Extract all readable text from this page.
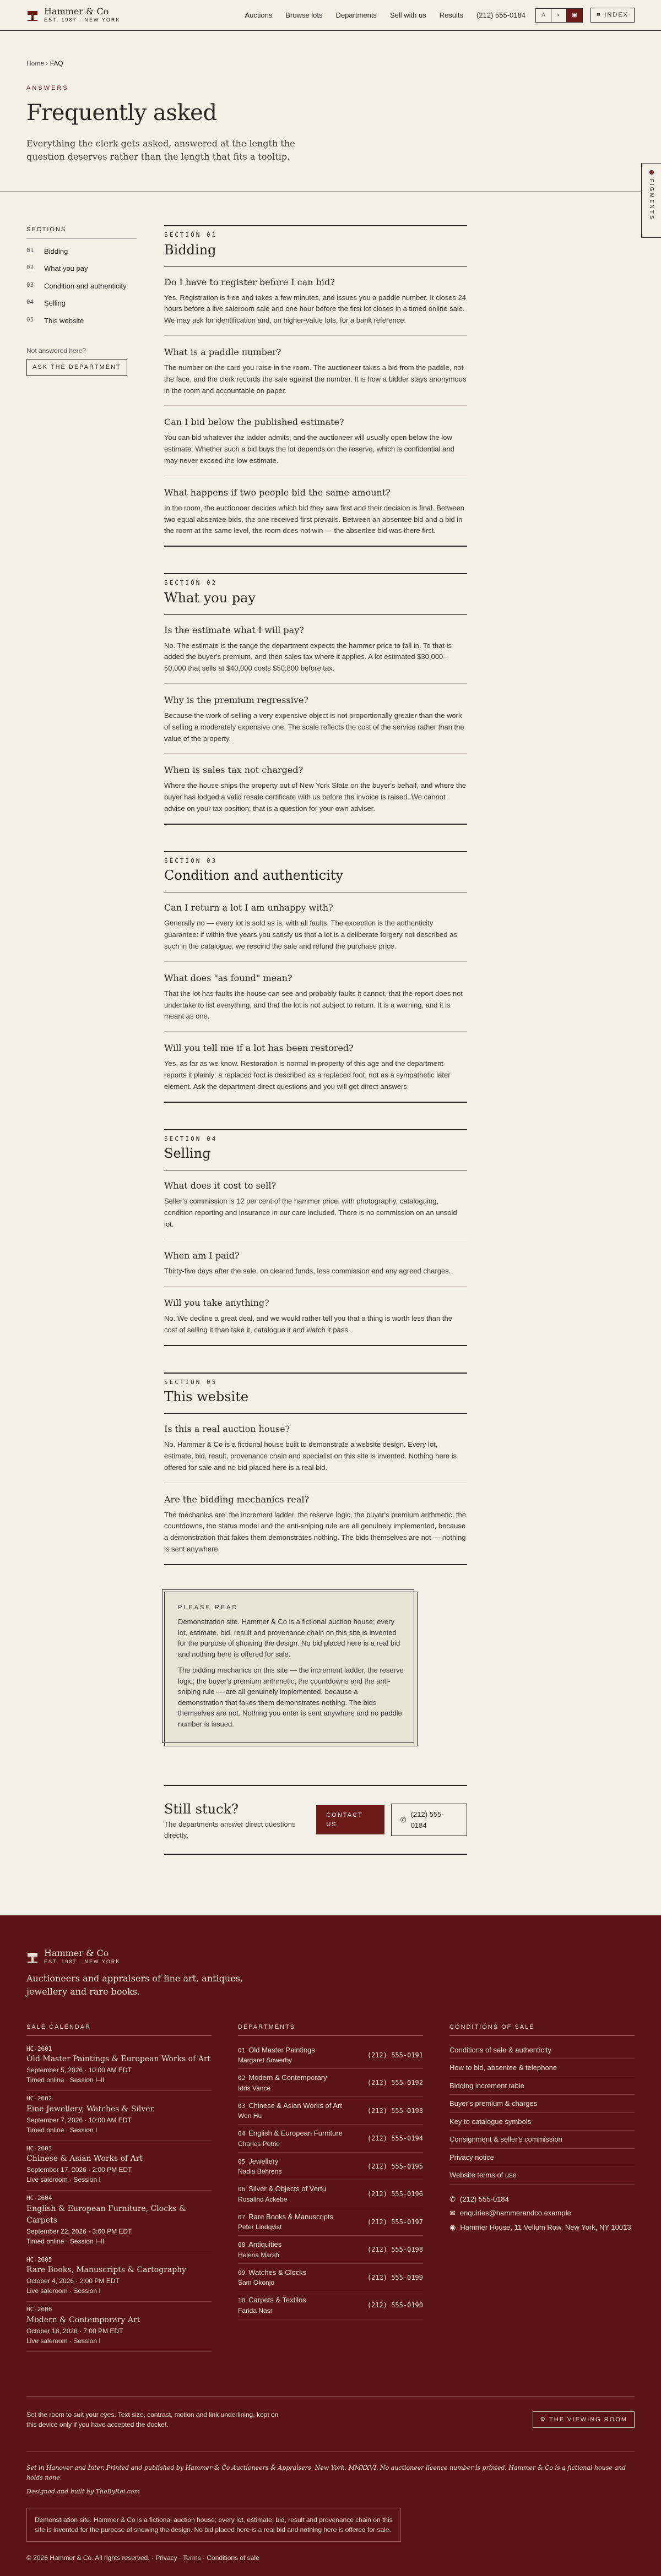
Hammer & Co
EST. 1987 · NEW YORK
Auctions Browse lots Departments Sell with us Results (212) 555-0184	A	◐	▣	≡ INDEX
Home › FAQ
ANSWERS
Frequently asked

Everything the clerk gets asked, answered at the length the question deserves rather than the length that fits a tooltip.

FIGMENTS
SECTIONS
01 Bidding
02 What you pay
03 Condition and authenticity
04 Selling
05 This website
Not answered here?
ASK THE DEPARTMENT
SECTION 01
Bidding
Do I have to register before I can bid?
Yes. Registration is free and takes a few minutes, and issues you a paddle number. It closes 24 hours before a live saleroom sale and one hour before the first lot closes in a timed online sale. We may ask for identification and, on higher-value lots, for a bank reference.
What is a paddle number?
The number on the card you raise in the room. The auctioneer takes a bid from the paddle, not the face, and the clerk records the sale against the number. It is how a bidder stays anonymous in the room and accountable on paper.
Can I bid below the published estimate?
You can bid whatever the ladder admits, and the auctioneer will usually open below the low estimate. Whether such a bid buys the lot depends on the reserve, which is confidential and may never exceed the low estimate.
What happens if two people bid the same amount?
In the room, the auctioneer decides which bid they saw first and their decision is final. Between two equal absentee bids, the one received first prevails. Between an absentee bid and a bid in the room at the same level, the room does not win — the absentee bid was there first.
SECTION 02
What you pay
Is the estimate what I will pay?
No. The estimate is the range the department expects the hammer price to fall in. To that is added the buyer's premium, and then sales tax where it applies. A lot estimated $30,000–50,000 that sells at $40,000 costs $50,800 before tax.
Why is the premium regressive?
Because the work of selling a very expensive object is not proportionally greater than the work of selling a moderately expensive one. The scale reflects the cost of the service rather than the value of the property.
When is sales tax not charged?
Where the house ships the property out of New York State on the buyer's behalf, and where the buyer has lodged a valid resale certificate with us before the invoice is raised. We cannot advise on your tax position; that is a question for your own adviser.
SECTION 03
Condition and authenticity
Can I return a lot I am unhappy with?
Generally no — every lot is sold as is, with all faults. The exception is the authenticity guarantee: if within five years you satisfy us that a lot is a deliberate forgery not described as such in the catalogue, we rescind the sale and refund the purchase price.
What does "as found" mean?
That the lot has faults the house can see and probably faults it cannot, that the report does not undertake to list everything, and that the lot is not subject to return. It is a warning, and it is meant as one.
Will you tell me if a lot has been restored?
Yes, as far as we know. Restoration is normal in property of this age and the department reports it plainly: a replaced foot is described as a replaced foot, not as a sympathetic later element. Ask the department direct questions and you will get direct answers.
SECTION 04
Selling
What does it cost to sell?
Seller's commission is 12 per cent of the hammer price, with photography, cataloguing, condition reporting and insurance in our care included. There is no commission on an unsold lot.
When am I paid?
Thirty-five days after the sale, on cleared funds, less commission and any agreed charges.
Will you take anything?
No. We decline a great deal, and we would rather tell you that a thing is worth less than the cost of selling it than take it, catalogue it and watch it pass.
SECTION 05
This website
Is this a real auction house?
No. Hammer & Co is a fictional house built to demonstrate a website design. Every lot, estimate, bid, result, provenance chain and specialist on this site is invented. Nothing here is offered for sale and no bid placed here is a real bid.
Are the bidding mechanics real?
The mechanics are: the increment ladder, the reserve logic, the buyer's premium arithmetic, the countdowns, the status model and the anti-sniping rule are all genuinely implemented, because a demonstration that fakes them demonstrates nothing. The bids themselves are not — nothing is sent anywhere.
PLEASE READ

Demonstration site. Hammer & Co is a fictional auction house; every lot, estimate, bid, result and provenance chain on this site is invented for the purpose of showing the design. No bid placed here is a real bid and nothing here is offered for sale.

The bidding mechanics on this site — the increment ladder, the reserve logic, the buyer's premium arithmetic, the countdowns and the anti-sniping rule — are all genuinely implemented, because a demonstration that fakes them demonstrates nothing. The bids themselves are not. Nothing you enter is sent anywhere and no paddle number is issued.

Still stuck?
The departments answer direct questions directly.
CONTACT US
✆
(212) 555-0184
Hammer & Co
EST. 1987 · NEW YORK
Auctioneers and appraisers of fine art, antiques, jewellery and rare books.
SALE CALENDAR
HC-2601
Old Master Paintings & European Works of Art
September 5, 2026 · 10:00 AM EDT
Timed online · Session I–II
HC-2602
Fine Jewellery, Watches & Silver
September 7, 2026 · 10:00 AM EDT
Timed online · Session I
HC-2603
Chinese & Asian Works of Art
September 17, 2026 · 2:00 PM EDT
Live saleroom · Session I
HC-2604
English & European Furniture, Clocks & Carpets
September 22, 2026 · 3:00 PM EDT
Timed online · Session I–II
HC-2605
Rare Books, Manuscripts & Cartography
October 4, 2026 · 2:00 PM EDT
Live saleroom · Session I
HC-2606
Modern & Contemporary Art
October 18, 2026 · 7:00 PM EDT
Live saleroom · Session I
DEPARTMENTS
01 Old Master Paintings
Margaret Sowerby
(212) 555-0191
02 Modern & Contemporary
Idris Vance
(212) 555-0192
03 Chinese & Asian Works of Art
Wen Hu
(212) 555-0193
04 English & European Furniture
Charles Petrie
(212) 555-0194
05 Jewellery
Nadia Behrens
(212) 555-0195
06 Silver & Objects of Vertu
Rosalind Ackebe
(212) 555-0196
07 Rare Books & Manuscripts
Peter Lindqvist
(212) 555-0197
08 Antiquities
Helena Marsh
(212) 555-0198
09 Watches & Clocks
Sam Okonjo
(212) 555-0199
10 Carpets & Textiles
Farida Nasr
(212) 555-0190
CONDITIONS OF SALE
Conditions of sale & authenticity
How to bid, absentee & telephone
Bidding increment table
Buyer's premium & charges
Key to catalogue symbols
Consignment & seller's commission
Privacy notice
Website terms of use
✆ (212) 555-0184
✉ enquiries@hammerandco.example
◉ Hammer House, 11 Vellum Row, New York, NY 10013
Set the room to suit your eyes. Text size, contrast, motion and link underlining, kept on this device only if you have accepted the docket.
⚙ THE VIEWING ROOM
Set in Hanover and Inter. Printed and published by Hammer & Co Auctioneers & Appraisers, New York, MMXXVI. No auctioneer licence number is printed. Hammer & Co is a fictional house and holds none.
Designed and built by TheByRei.com
Demonstration site. Hammer & Co is a fictional auction house; every lot, estimate, bid, result and provenance chain on this site is invented for the purpose of showing the design. No bid placed here is a real bid and nothing here is offered for sale.
© 2026 Hammer & Co. All rights reserved. · Privacy · Terms · Conditions of sale
